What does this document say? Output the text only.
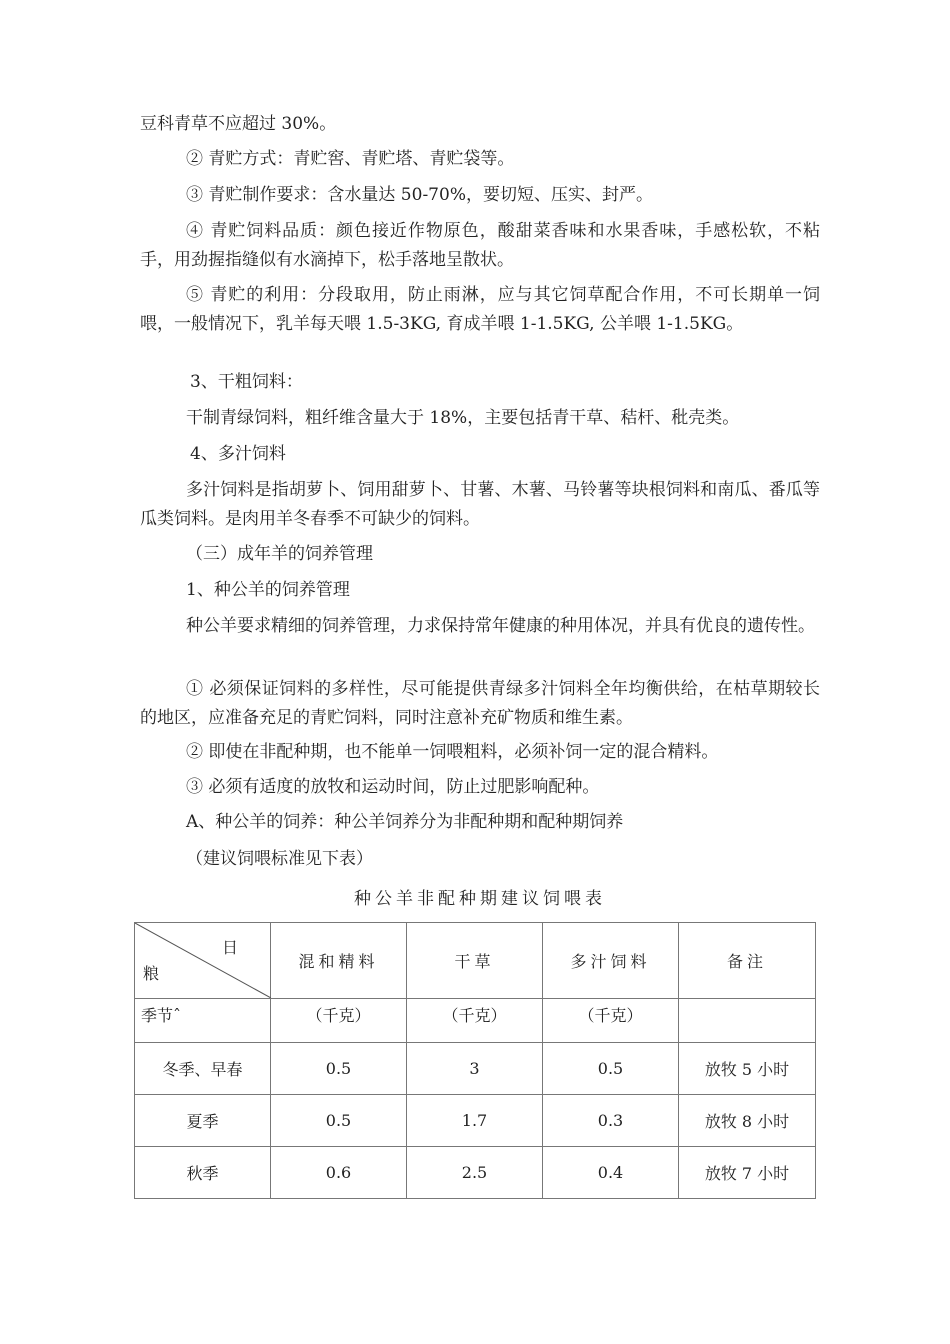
豆科青草不应超过 30%。

② 青贮方式：青贮窖、青贮塔、青贮袋等。

③ 青贮制作要求：含水量达 50-70%，要切短、压实、封严。

④ 青贮饲料品质：颜色接近作物原色，酸甜菜香味和水果香味，手感松软，不粘手，用劲握指缝似有水滴掉下，松手落地呈散状。

⑤ 青贮的利用：分段取用，防止雨淋，应与其它饲草配合作用，不可长期单一饲喂，一般情况下，乳羊每天喂 1.5-3KG, 育成羊喂 1-1.5KG, 公羊喂 1-1.5KG。

3、干粗饲料：

干制青绿饲料，粗纤维含量大于 18%，主要包括青干草、秸杆、秕壳类。

4、多汁饲料

多汁饲料是指胡萝卜、饲用甜萝卜、甘薯、木薯、马铃薯等块根饲料和南瓜、番瓜等瓜类饲料。是肉用羊冬春季不可缺少的饲料。

（三）成年羊的饲养管理

1、种公羊的饲养管理

种公羊要求精细的饲养管理，力求保持常年健康的种用体况，并具有优良的遗传性。

① 必须保证饲料的多样性，尽可能提供青绿多汁饲料全年均衡供给，在枯草期较长的地区，应准备充足的青贮饲料，同时注意补充矿物质和维生素。

② 即使在非配种期，也不能单一饲喂粗料，必须补饲一定的混合精料。

③ 必须有适度的放牧和运动时间，防止过肥影响配种。

A、种公羊的饲养：种公羊饲养分为非配种期和配种期饲养

（建议饲喂标准见下表）

种公羊非配种期建议饲喂表
日
粮	混和精料	干草	多汁饲料	备注
季节ˆ	（千克）	（千克）	（千克）	
冬季、早春	0.5	3	0.5	放牧 5 小时
夏季	0.5	1.7	0.3	放牧 8 小时
秋季	0.6	2.5	0.4	放牧 7 小时
